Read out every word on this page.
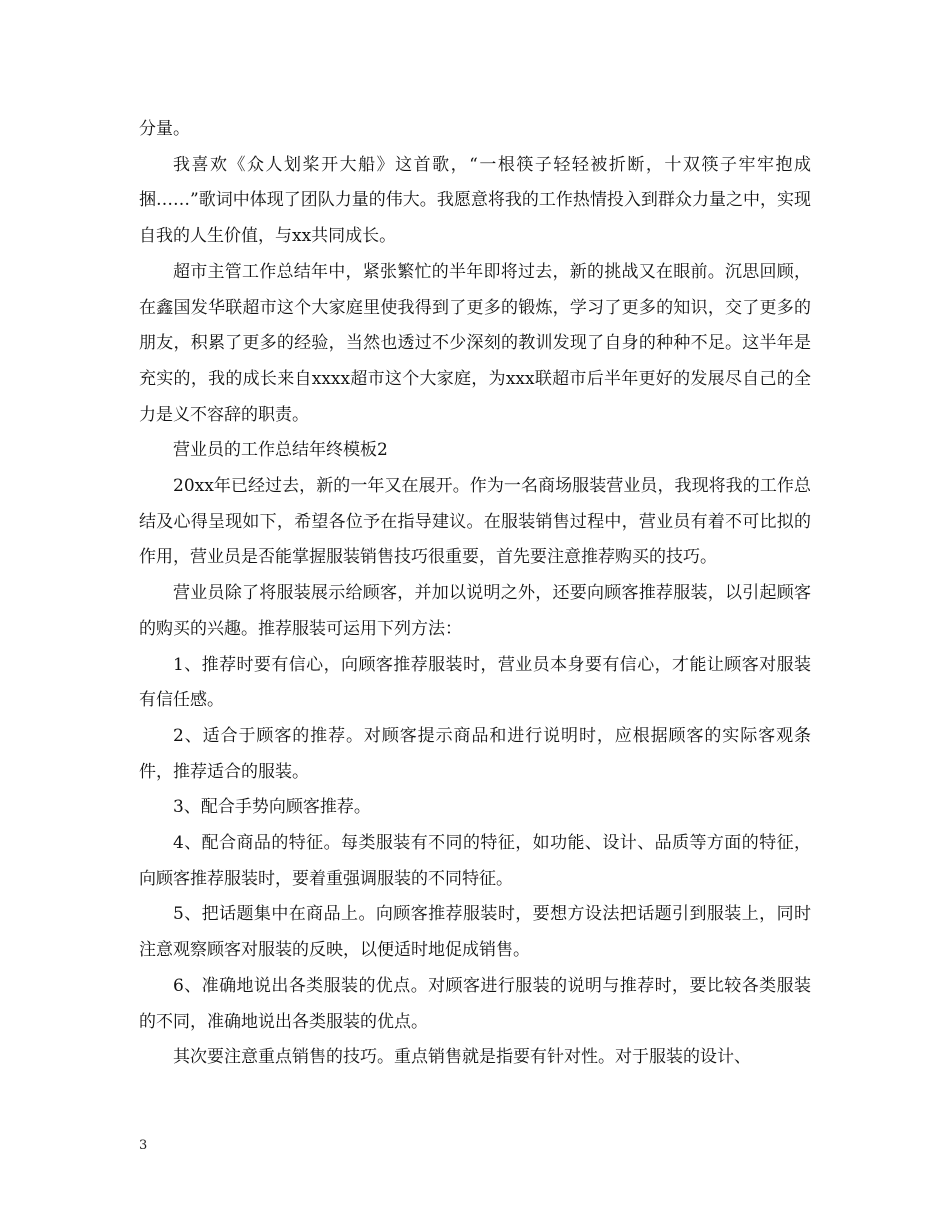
分量。

我喜欢《众人划桨开大船》这首歌，“一根筷子轻轻被折断，十双筷子牢牢抱成捆……”歌词中体现了团队力量的伟大。我愿意将我的工作热情投入到群众力量之中，实现自我的人生价值，与xx共同成长。

超市主管工作总结年中，紧张繁忙的半年即将过去，新的挑战又在眼前。沉思回顾，在鑫国发华联超市这个大家庭里使我得到了更多的锻炼，学习了更多的知识，交了更多的朋友，积累了更多的经验，当然也透过不少深刻的教训发现了自身的种种不足。这半年是充实的，我的成长来自xxxx超市这个大家庭，为xxx联超市后半年更好的发展尽自己的全力是义不容辞的职责。

营业员的工作总结年终模板2

20xx年已经过去，新的一年又在展开。作为一名商场服装营业员，我现将我的工作总结及心得呈现如下，希望各位予在指导建议。在服装销售过程中，营业员有着不可比拟的作用，营业员是否能掌握服装销售技巧很重要，首先要注意推荐购买的技巧。

营业员除了将服装展示给顾客，并加以说明之外，还要向顾客推荐服装，以引起顾客的购买的兴趣。推荐服装可运用下列方法：

1、推荐时要有信心，向顾客推荐服装时，营业员本身要有信心，才能让顾客对服装有信任感。

2、适合于顾客的推荐。对顾客提示商品和进行说明时，应根据顾客的实际客观条件，推荐适合的服装。

3、配合手势向顾客推荐。

4、配合商品的特征。每类服装有不同的特征，如功能、设计、品质等方面的特征，向顾客推荐服装时，要着重强调服装的不同特征。

5、把话题集中在商品上。向顾客推荐服装时，要想方设法把话题引到服装上，同时注意观察顾客对服装的反映，以便适时地促成销售。

6、准确地说出各类服装的优点。对顾客进行服装的说明与推荐时，要比较各类服装的不同，准确地说出各类服装的优点。

其次要注意重点销售的技巧。重点销售就是指要有针对性。对于服装的设计、

3
